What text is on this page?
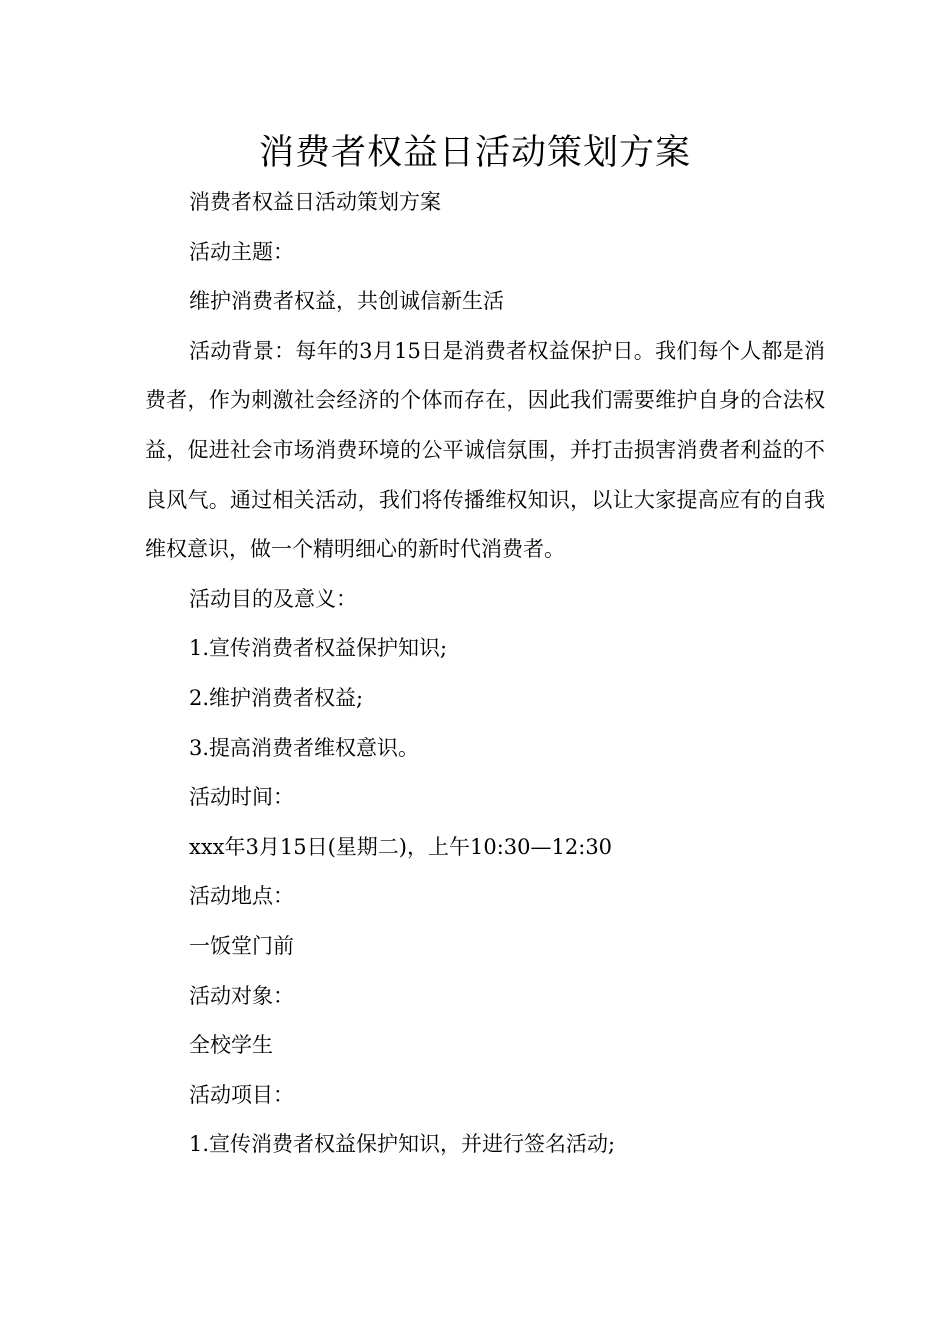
消费者权益日活动策划方案

消费者权益日活动策划方案

活动主题：

维护消费者权益，共创诚信新生活

活动背景：每年的3月15日是消费者权益保护日。我们每个人都是消费者，作为刺激社会经济的个体而存在，因此我们需要维护自身的合法权益，促进社会市场消费环境的公平诚信氛围，并打击损害消费者利益的不良风气。通过相关活动，我们将传播维权知识，以让大家提高应有的自我维权意识，做一个精明细心的新时代消费者。

活动目的及意义：

1.宣传消费者权益保护知识;

2.维护消费者权益;

3.提高消费者维权意识。

活动时间：

xxx年3月15日(星期二)，上午10:30—12:30

活动地点：

一饭堂门前

活动对象：

全校学生

活动项目：

1.宣传消费者权益保护知识，并进行签名活动;
